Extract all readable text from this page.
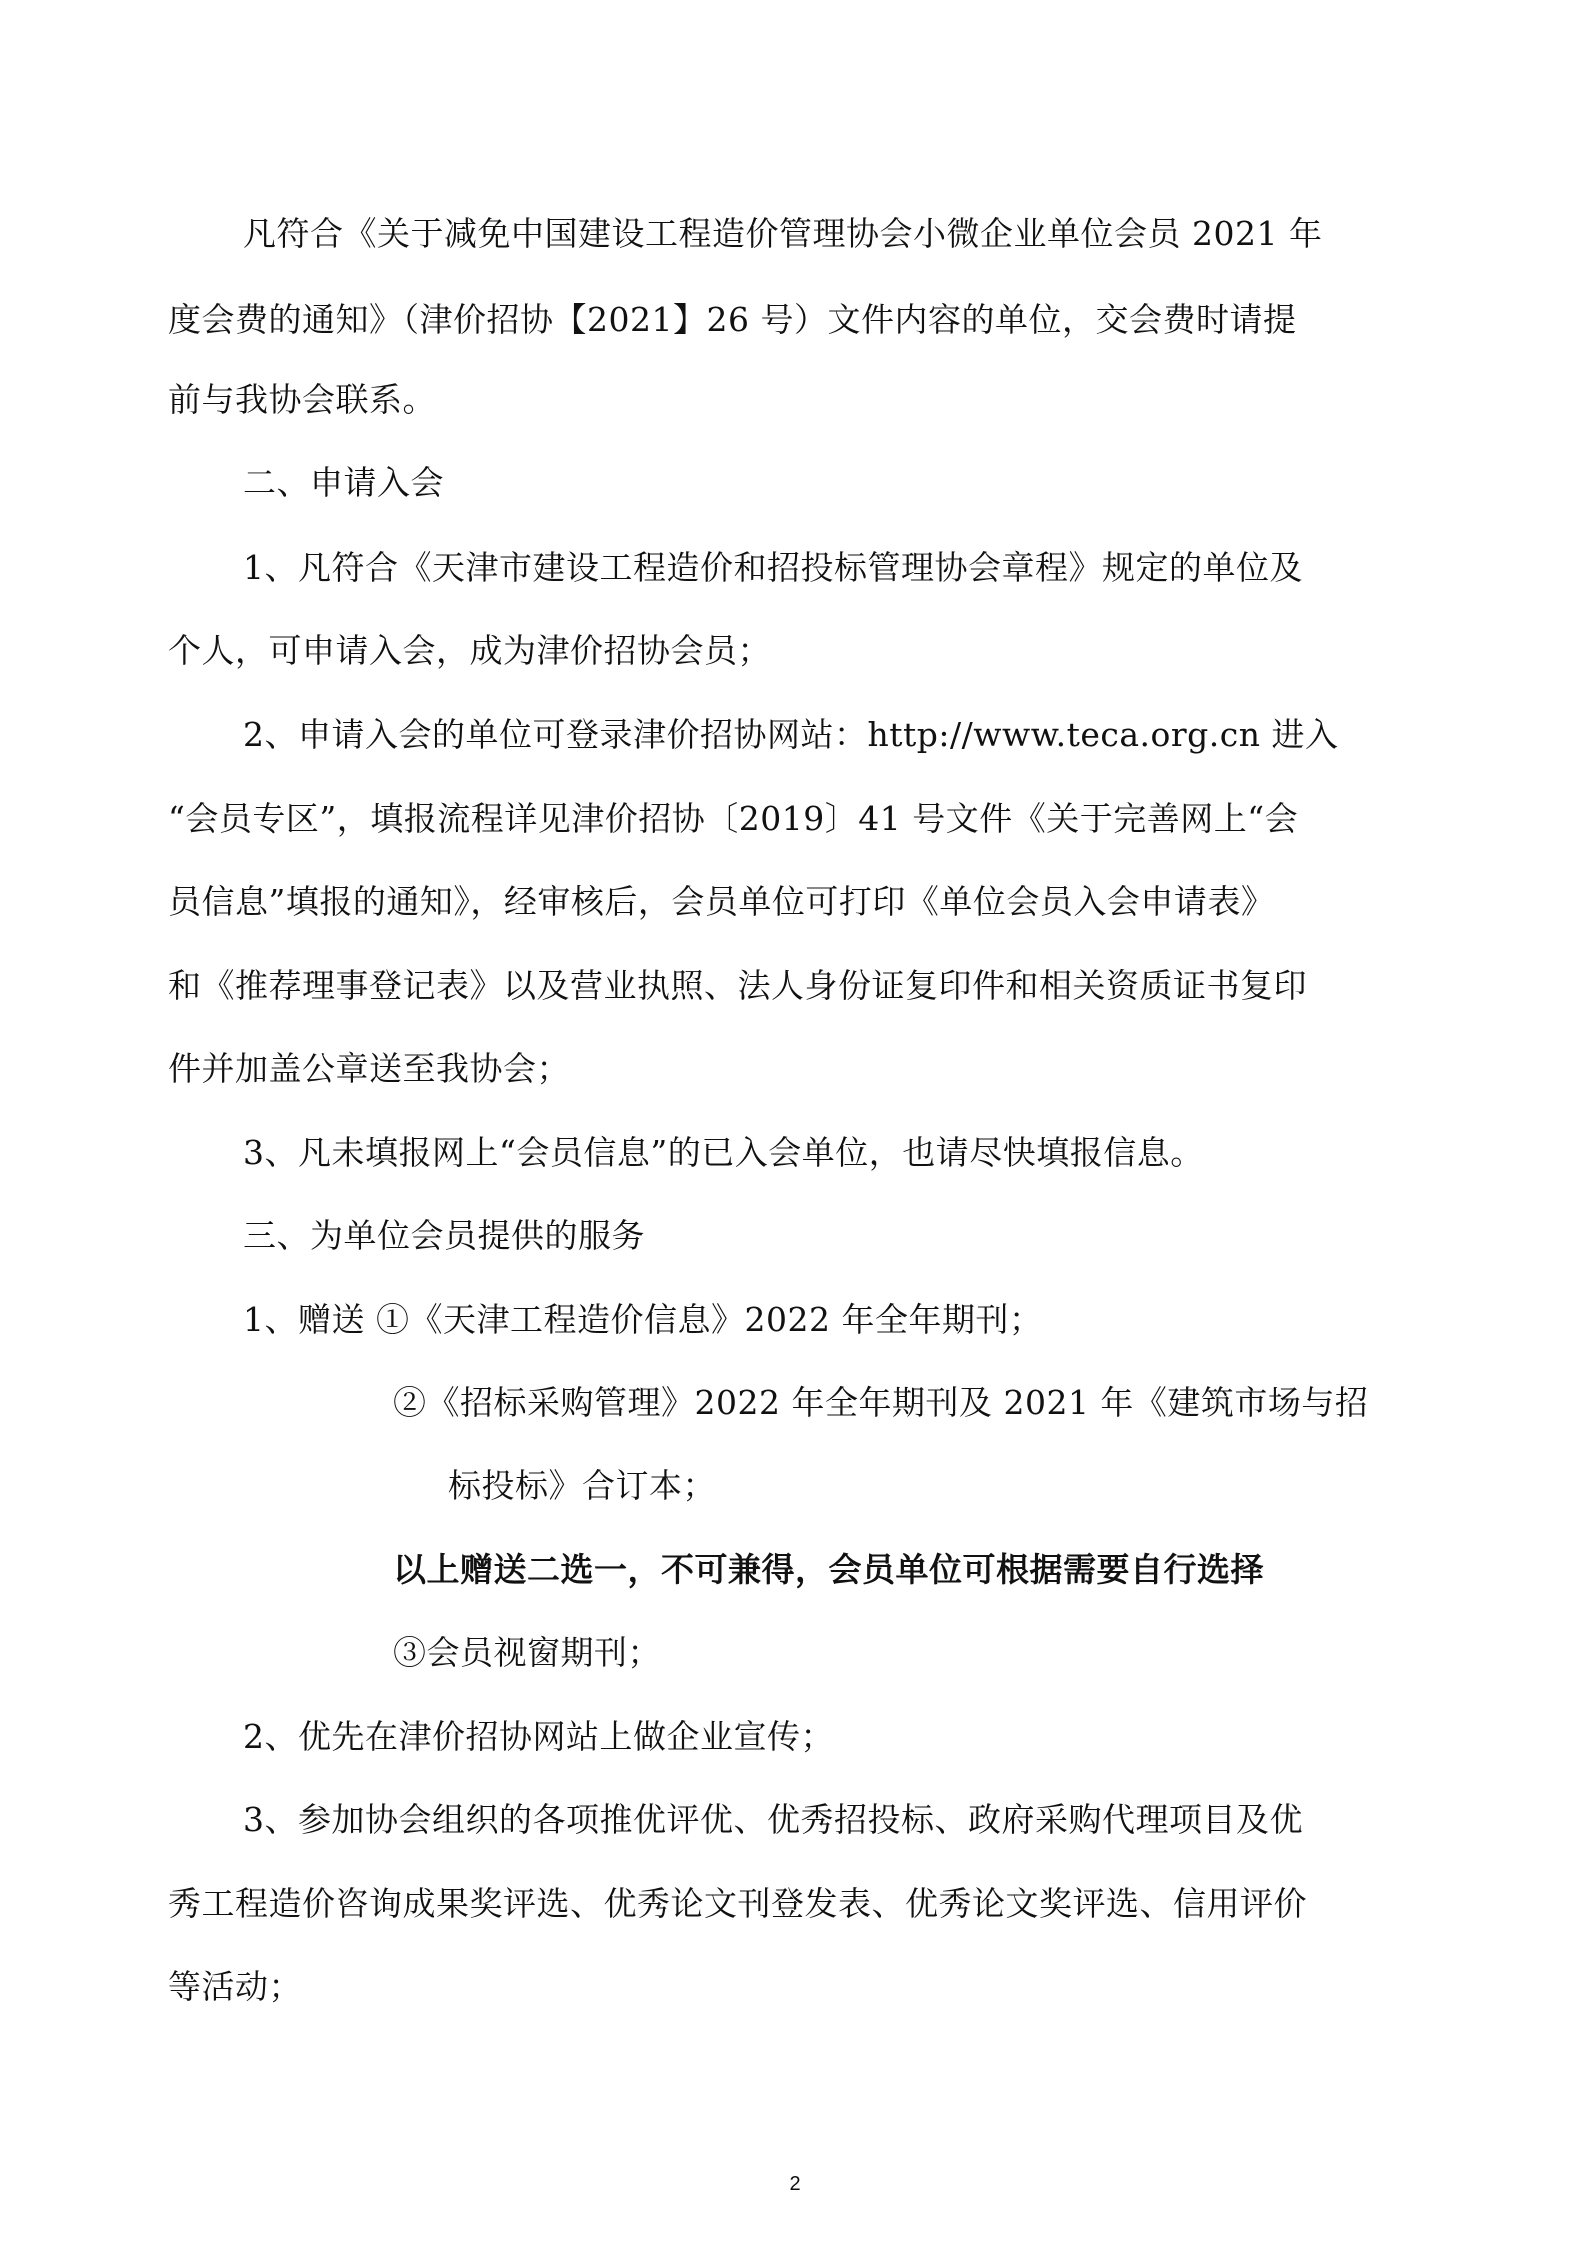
凡符合《关于减免中国建设工程造价管理协会小微企业单位会员 2021 年
度会费的通知》（津价招协【2021】26 号）文件内容的单位，交会费时请提
前与我协会联系。
二、申请入会
1、凡符合《天津市建设工程造价和招投标管理协会章程》规定的单位及
个人，可申请入会，成为津价招协会员；
2、申请入会的单位可登录津价招协网站：http://www.teca.org.cn 进入
“会员专区”，填报流程详见津价招协〔2019〕41 号文件《关于完善网上“会
员信息”填报的通知》，经审核后，会员单位可打印《单位会员入会申请表》
和《推荐理事登记表》以及营业执照、法人身份证复印件和相关资质证书复印
件并加盖公章送至我协会；
3、凡未填报网上“会员信息”的已入会单位，也请尽快填报信息。
三、为单位会员提供的服务
1、赠送 ①《天津工程造价信息》2022 年全年期刊；
②《招标采购管理》2022 年全年期刊及 2021 年《建筑市场与招
标投标》合订本；
以上赠送二选一，不可兼得，会员单位可根据需要自行选择
③会员视窗期刊；
2、优先在津价招协网站上做企业宣传；
3、参加协会组织的各项推优评优、优秀招投标、政府采购代理项目及优
秀工程造价咨询成果奖评选、优秀论文刊登发表、优秀论文奖评选、信用评价
等活动；
2
